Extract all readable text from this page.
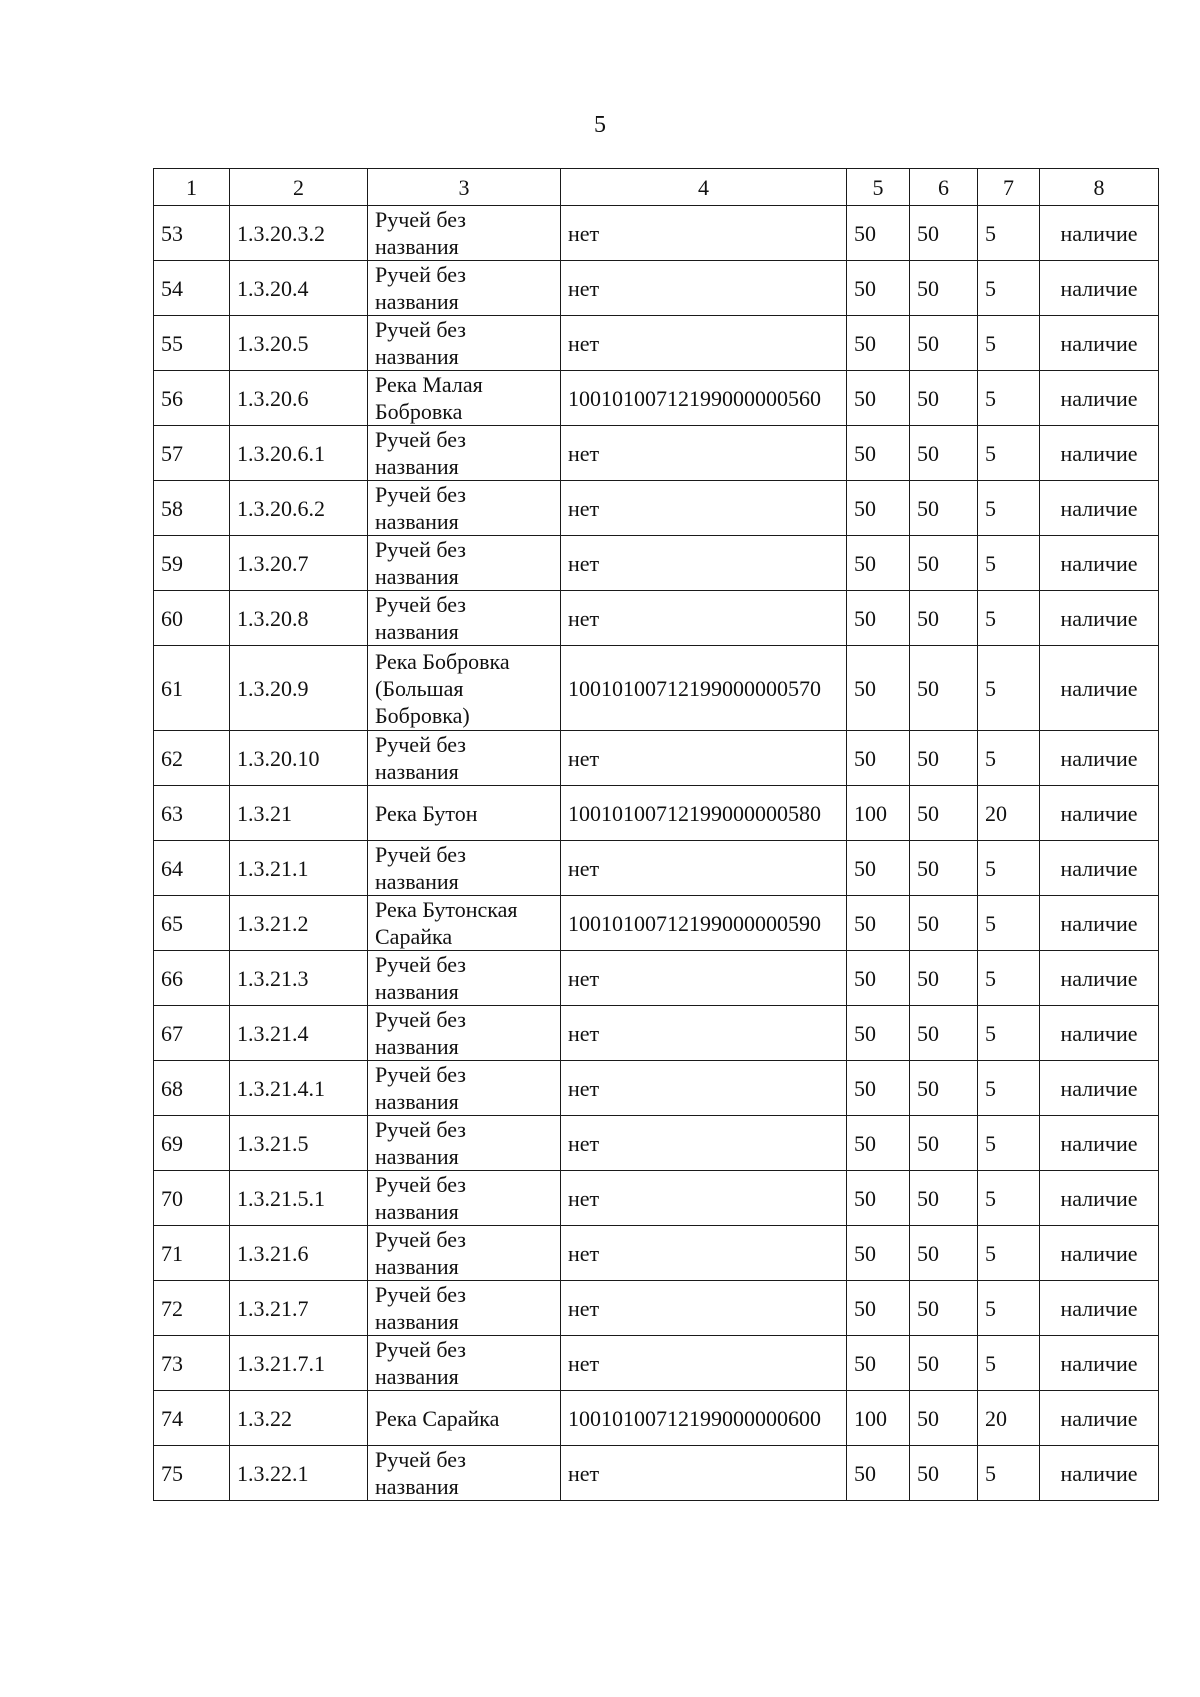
5
1	2	3	4	5	6	7	8
53	1.3.20.3.2	Ручей без названия	нет	50	50	5	наличие
54	1.3.20.4	Ручей без названия	нет	50	50	5	наличие
55	1.3.20.5	Ручей без названия	нет	50	50	5	наличие
56	1.3.20.6	Река Малая Бобровка	10010100712199000000560	50	50	5	наличие
57	1.3.20.6.1	Ручей без названия	нет	50	50	5	наличие
58	1.3.20.6.2	Ручей без названия	нет	50	50	5	наличие
59	1.3.20.7	Ручей без названия	нет	50	50	5	наличие
60	1.3.20.8	Ручей без названия	нет	50	50	5	наличие
61	1.3.20.9	Река Бобровка (Большая Бобровка)	10010100712199000000570	50	50	5	наличие
62	1.3.20.10	Ручей без названия	нет	50	50	5	наличие
63	1.3.21	Река Бутон	10010100712199000000580	100	50	20	наличие
64	1.3.21.1	Ручей без названия	нет	50	50	5	наличие
65	1.3.21.2	Река Бутонская Сарайка	10010100712199000000590	50	50	5	наличие
66	1.3.21.3	Ручей без названия	нет	50	50	5	наличие
67	1.3.21.4	Ручей без названия	нет	50	50	5	наличие
68	1.3.21.4.1	Ручей без названия	нет	50	50	5	наличие
69	1.3.21.5	Ручей без названия	нет	50	50	5	наличие
70	1.3.21.5.1	Ручей без названия	нет	50	50	5	наличие
71	1.3.21.6	Ручей без названия	нет	50	50	5	наличие
72	1.3.21.7	Ручей без названия	нет	50	50	5	наличие
73	1.3.21.7.1	Ручей без названия	нет	50	50	5	наличие
74	1.3.22	Река Сарайка	10010100712199000000600	100	50	20	наличие
75	1.3.22.1	Ручей без названия	нет	50	50	5	наличие
